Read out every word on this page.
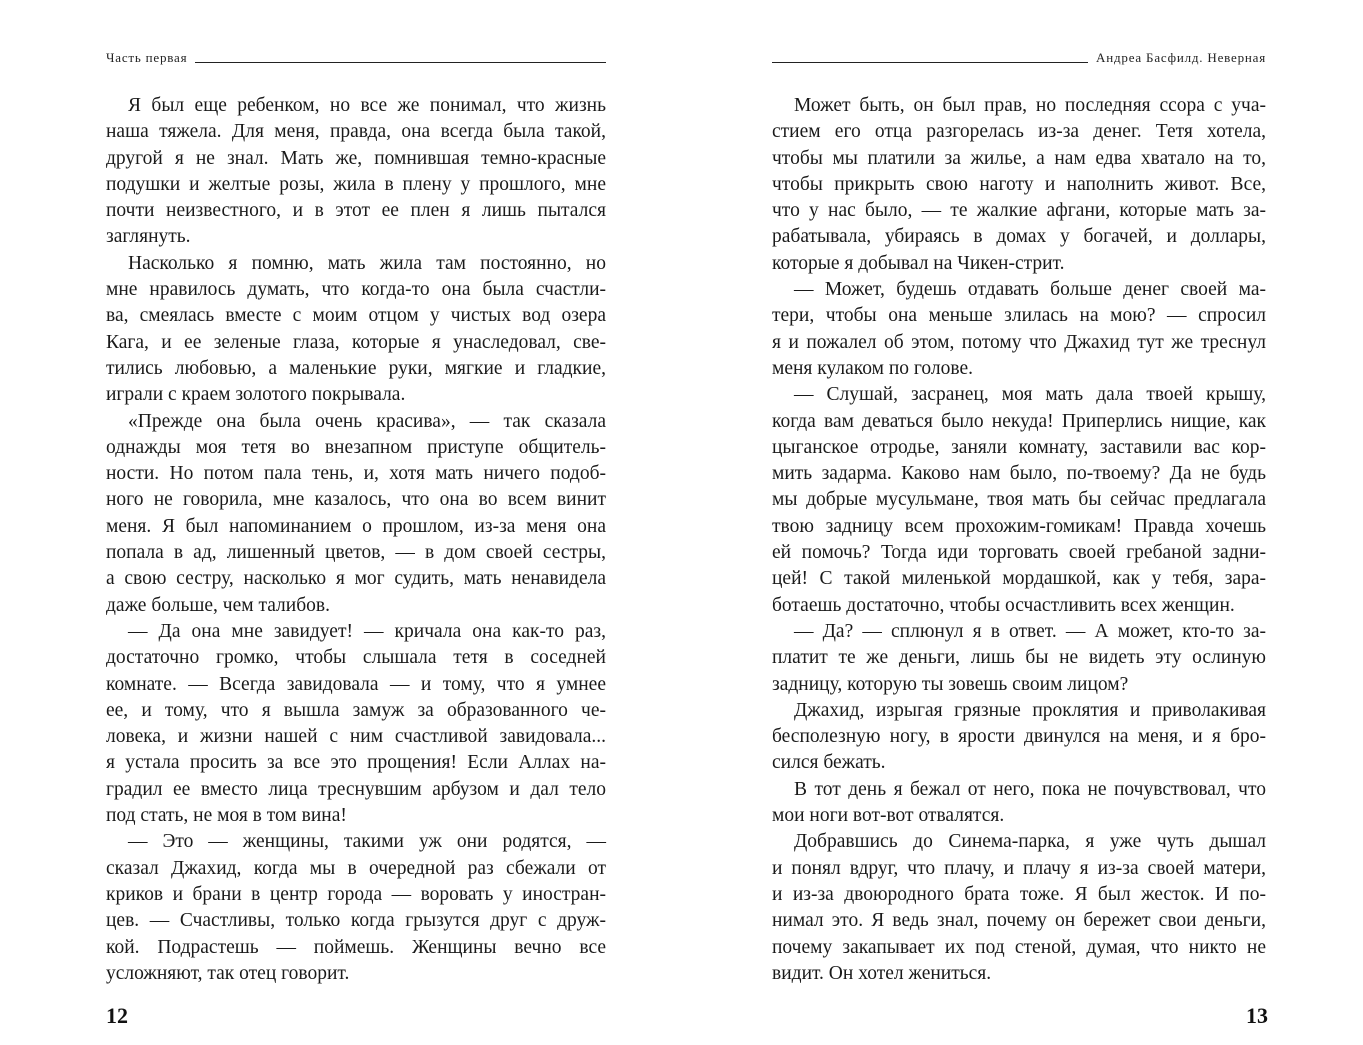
Часть первая

Я был еще ребенком, но все же понимал, что жизнь
наша тяжела. Для меня, правда, она всегда была такой,
другой я не знал. Мать же, помнившая темно-красные
подушки и желтые розы, жила в плену у прошлого, мне
почти неизвестного, и в этот ее плен я лишь пытался
заглянуть.

Насколько я помню, мать жила там постоянно, но
мне нравилось думать, что когда-то она была счастли-
ва, смеялась вместе с моим отцом у чистых вод озера
Кага, и ее зеленые глаза, которые я унаследовал, све-
тились любовью, а маленькие руки, мягкие и гладкие,
играли с краем золотого покрывала.

«Прежде она была очень красива», — так сказала
однажды моя тетя во внезапном приступе общитель-
ности. Но потом пала тень, и, хотя мать ничего подоб-
ного не говорила, мне казалось, что она во всем винит
меня. Я был напоминанием о прошлом, из-за меня она
попала в ад, лишенный цветов, — в дом своей сестры,
а свою сестру, насколько я мог судить, мать ненавидела
даже больше, чем талибов.

— Да она мне завидует! — кричала она как-то раз,
достаточно громко, чтобы слышала тетя в соседней
комнате. — Всегда завидовала — и тому, что я умнее
ее, и тому, что я вышла замуж за образованного че-
ловека, и жизни нашей с ним счастливой завидовала...
я устала просить за все это прощения! Если Аллах на-
градил ее вместо лица треснувшим арбузом и дал тело
под стать, не моя в том вина!

— Это — женщины, такими уж они родятся, —
сказал Джахид, когда мы в очередной раз сбежали от
криков и брани в центр города — воровать у иностран-
цев. — Счастливы, только когда грызутся друг с друж-
кой. Подрастешь — поймешь. Женщины вечно все
усложняют, так отец говорит.

12
Андреа Басфилд. Неверная

Может быть, он был прав, но последняя ссора с уча-
стием его отца разгорелась из-за денег. Тетя хотела,
чтобы мы платили за жилье, а нам едва хватало на то,
чтобы прикрыть свою наготу и наполнить живот. Все,
что у нас было, — те жалкие афгани, которые мать за-
рабатывала, убираясь в домах у богачей, и доллары,
которые я добывал на Чикен-стрит.

— Может, будешь отдавать больше денег своей ма-
тери, чтобы она меньше злилась на мою? — спросил
я и пожалел об этом, потому что Джахид тут же треснул
меня кулаком по голове.

— Слушай, засранец, моя мать дала твоей крышу,
когда вам деваться было некуда! Приперлись нищие, как
цыганское отродье, заняли комнату, заставили вас кор-
мить задарма. Каково нам было, по-твоему? Да не будь
мы добрые мусульмане, твоя мать бы сейчас предлагала
твою задницу всем прохожим-гомикам! Правда хочешь
ей помочь? Тогда иди торговать своей гребаной задни-
цей! С такой миленькой мордашкой, как у тебя, зара-
ботаешь достаточно, чтобы осчастливить всех женщин.

— Да? — сплюнул я в ответ. — А может, кто-то за-
платит те же деньги, лишь бы не видеть эту ослиную
задницу, которую ты зовешь своим лицом?

Джахид, изрыгая грязные проклятия и приволакивая
бесполезную ногу, в ярости двинулся на меня, и я бро-
сился бежать.

В тот день я бежал от него, пока не почувствовал, что
мои ноги вот-вот отвалятся.

Добравшись до Синема-парка, я уже чуть дышал
и понял вдруг, что плачу, и плачу я из-за своей матери,
и из-за двоюродного брата тоже. Я был жесток. И по-
нимал это. Я ведь знал, почему он бережет свои деньги,
почему закапывает их под стеной, думая, что никто не
видит. Он хотел жениться.

13
